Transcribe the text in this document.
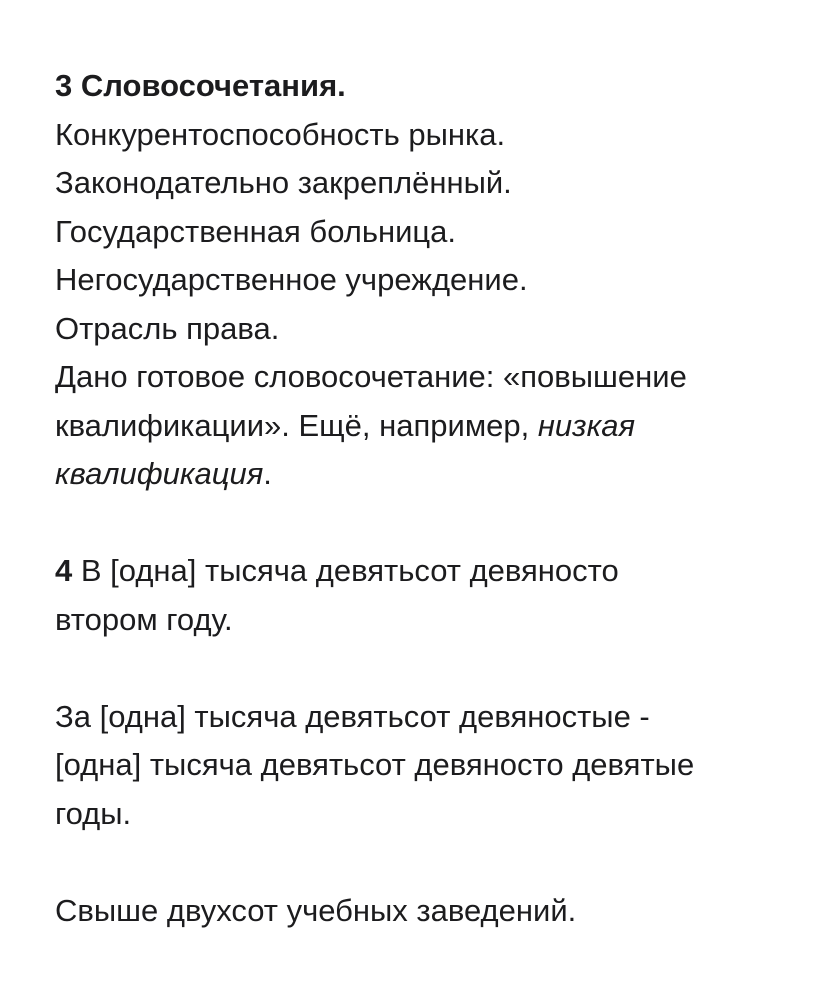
3 Словосочетания.
Конкурентоспособность рынка.
Законодательно закреплённый.
Государственная больница.
Негосударственное учреждение.
Отрасль права.
Дано готовое словосочетание: «повышение
квалификации». Ещё, например, низкая
квалификация.
4 В [одна] тысяча девятьсот девяносто
втором году.
За [одна] тысяча девятьсот девяностые -
[одна] тысяча девятьсот девяносто девятые
годы.
Свыше двухсот учебных заведений.
